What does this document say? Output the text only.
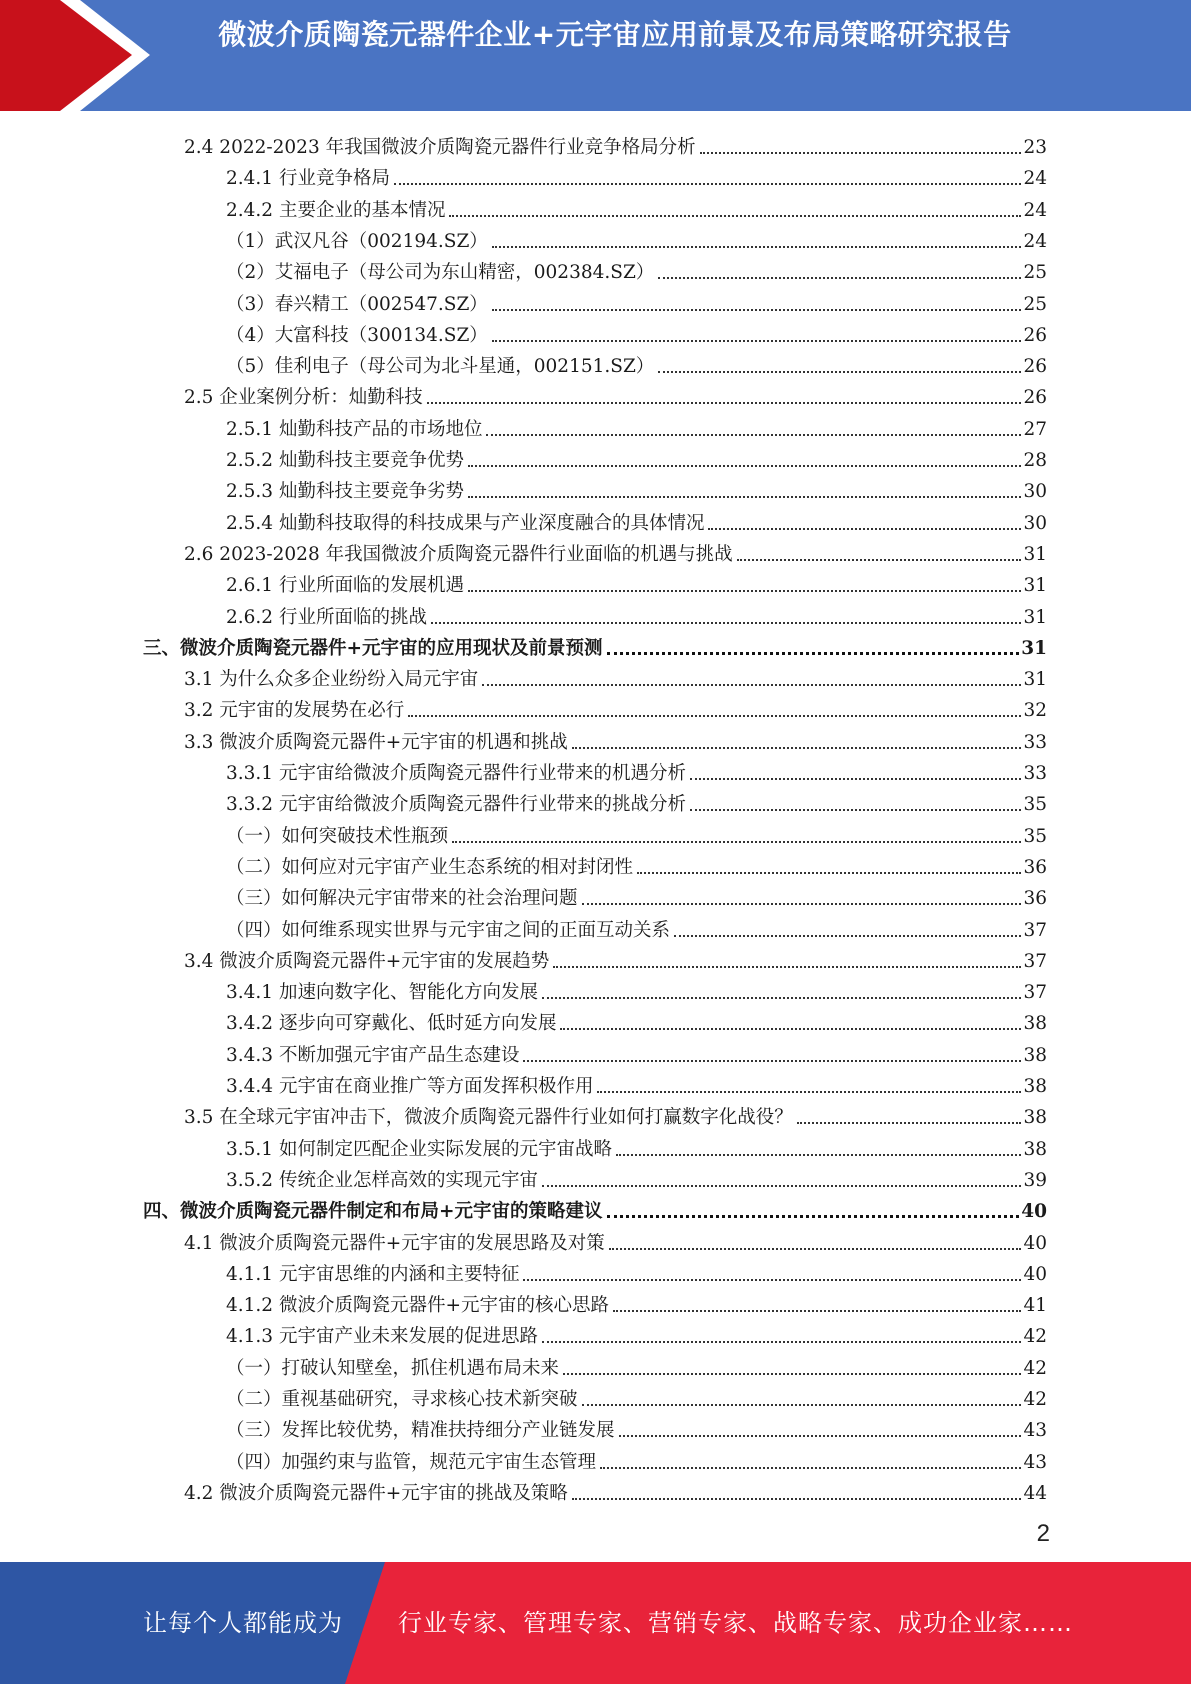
微波介质陶瓷元器件企业+元宇宙应用前景及布局策略研究报告
2.4 2022-2023 年我国微波介质陶瓷元器件行业竞争格局分析	23
2.4.1 行业竞争格局	24
2.4.2 主要企业的基本情况	24
（1）武汉凡谷（002194.SZ）	24
（2）艾福电子（母公司为东山精密，002384.SZ）	25
（3）春兴精工（002547.SZ）	25
（4）大富科技（300134.SZ）	26
（5）佳利电子（母公司为北斗星通，002151.SZ）	26
2.5 企业案例分析：灿勤科技	26
2.5.1 灿勤科技产品的市场地位	27
2.5.2 灿勤科技主要竞争优势	28
2.5.3 灿勤科技主要竞争劣势	30
2.5.4 灿勤科技取得的科技成果与产业深度融合的具体情况	30
2.6 2023-2028 年我国微波介质陶瓷元器件行业面临的机遇与挑战	31
2.6.1 行业所面临的发展机遇	31
2.6.2 行业所面临的挑战	31
三、微波介质陶瓷元器件+元宇宙的应用现状及前景预测	31
3.1 为什么众多企业纷纷入局元宇宙	31
3.2 元宇宙的发展势在必行	32
3.3 微波介质陶瓷元器件+元宇宙的机遇和挑战	33
3.3.1 元宇宙给微波介质陶瓷元器件行业带来的机遇分析	33
3.3.2 元宇宙给微波介质陶瓷元器件行业带来的挑战分析	35
（一）如何突破技术性瓶颈	35
（二）如何应对元宇宙产业生态系统的相对封闭性	36
（三）如何解决元宇宙带来的社会治理问题	36
（四）如何维系现实世界与元宇宙之间的正面互动关系	37
3.4 微波介质陶瓷元器件+元宇宙的发展趋势	37
3.4.1 加速向数字化、智能化方向发展	37
3.4.2 逐步向可穿戴化、低时延方向发展	38
3.4.3 不断加强元宇宙产品生态建设	38
3.4.4 元宇宙在商业推广等方面发挥积极作用	38
3.5 在全球元宇宙冲击下，微波介质陶瓷元器件行业如何打赢数字化战役？	38
3.5.1 如何制定匹配企业实际发展的元宇宙战略	38
3.5.2 传统企业怎样高效的实现元宇宙	39
四、微波介质陶瓷元器件制定和布局+元宇宙的策略建议	40
4.1 微波介质陶瓷元器件+元宇宙的发展思路及对策	40
4.1.1 元宇宙思维的内涵和主要特征	40
4.1.2 微波介质陶瓷元器件+元宇宙的核心思路	41
4.1.3 元宇宙产业未来发展的促进思路	42
（一）打破认知壁垒，抓住机遇布局未来	42
（二）重视基础研究，寻求核心技术新突破	42
（三）发挥比较优势，精准扶持细分产业链发展	43
（四）加强约束与监管，规范元宇宙生态管理	43
4.2 微波介质陶瓷元器件+元宇宙的挑战及策略	44
2
让每个人都能成为 行业专家、管理专家、营销专家、战略专家、成功企业家……
